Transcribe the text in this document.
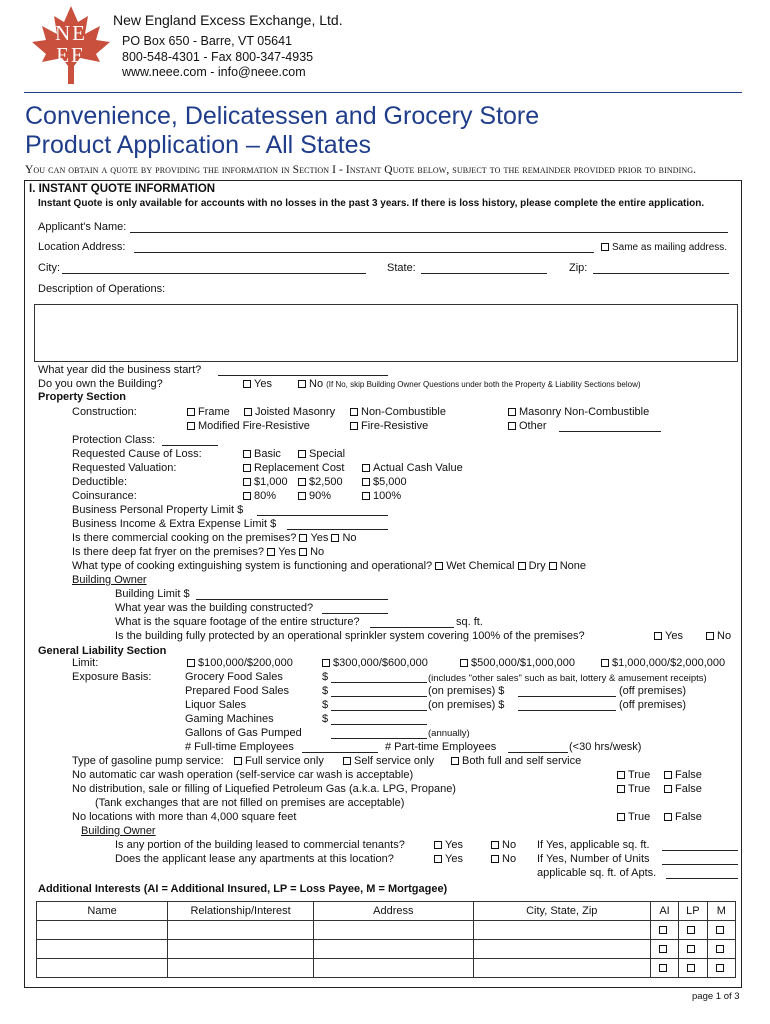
NE EE
New England Excess Exchange, Ltd.
PO Box 650 - Barre, VT 05641
800-548-4301 - Fax 800-347-4935
www.neee.com - info@neee.com
Convenience, Delicatessen and Grocery Store
Product Application – All States
You can obtain a quote by providing the information in Section I - Instant Quote below, subject to the remainder provided prior to binding.
I. INSTANT QUOTE INFORMATION
Instant Quote is only available for accounts with no losses in the past 3 years. If there is loss history, please complete the entire application.
Applicant's Name:
Location Address:	Same as mailing address.
City:	State:	Zip:
Description of Operations:
What year did the business start?
Do you own the Building?	Yes	No (If No, skip Building Owner Questions under both the Property & Liability Sections below)
Property Section
Construction:	Frame	Joisted Masonry	Non-Combustible	Masonry Non-Combustible
Modified Fire-Resistive	Fire-Resistive	Other
Protection Class:
Requested Cause of Loss:	Basic	Special
Requested Valuation:	Replacement Cost	Actual Cash Value
Deductible:	$1,000	$2,500	$5,000
Coinsurance:	80%	90%	100%
Business Personal Property Limit $
Business Income & Extra Expense Limit $
Is there commercial cooking on the premises? Yes No
Is there deep fat fryer on the premises? Yes No
What type of cooking extinguishing system is functioning and operational? Wet Chemical Dry None
Building Owner
Building Limit $
What year was the building constructed?
What is the square footage of the entire structure?	sq. ft.
Is the building fully protected by an operational sprinkler system covering 100% of the premises?	Yes	No
General Liability Section
Limit:	$100,000/$200,000	$300,000/$600,000	$500,000/$1,000,000	$1,000,000/$2,000,000
Exposure Basis:	Grocery Food Sales	$	(includes "other sales" such as bait, lottery & amusement receipts)
Prepared Food Sales	$	(on premises) $	(off premises)
Liquor Sales	$	(on premises) $	(off premises)
Gaming Machines	$
Gallons of Gas Pumped	(annually)
# Full-time Employees	# Part-time Employees	(<30 hrs/wesk)
Type of gasoline pump service:	Full service only	Self service only	Both full and self service
No automatic car wash operation (self-service car wash is acceptable)	True	False
No distribution, sale or filling of Liquefied Petroleum Gas (a.k.a. LPG, Propane)	True	False
(Tank exchanges that are not filled on premises are acceptable)
No locations with more than 4,000 square feet	True	False
Building Owner
Is any portion of the building leased to commercial tenants?	Yes	No If Yes, applicable sq. ft.
Does the applicant lease any apartments at this location?	Yes	No If Yes, Number of Units
applicable sq. ft. of Apts.
Additional Interests (AI = Additional Insured, LP = Loss Payee, M = Mortgagee)
Name	Relationship/Interest	Address	City, State, Zip	AI	LP	M

page 1 of 3
